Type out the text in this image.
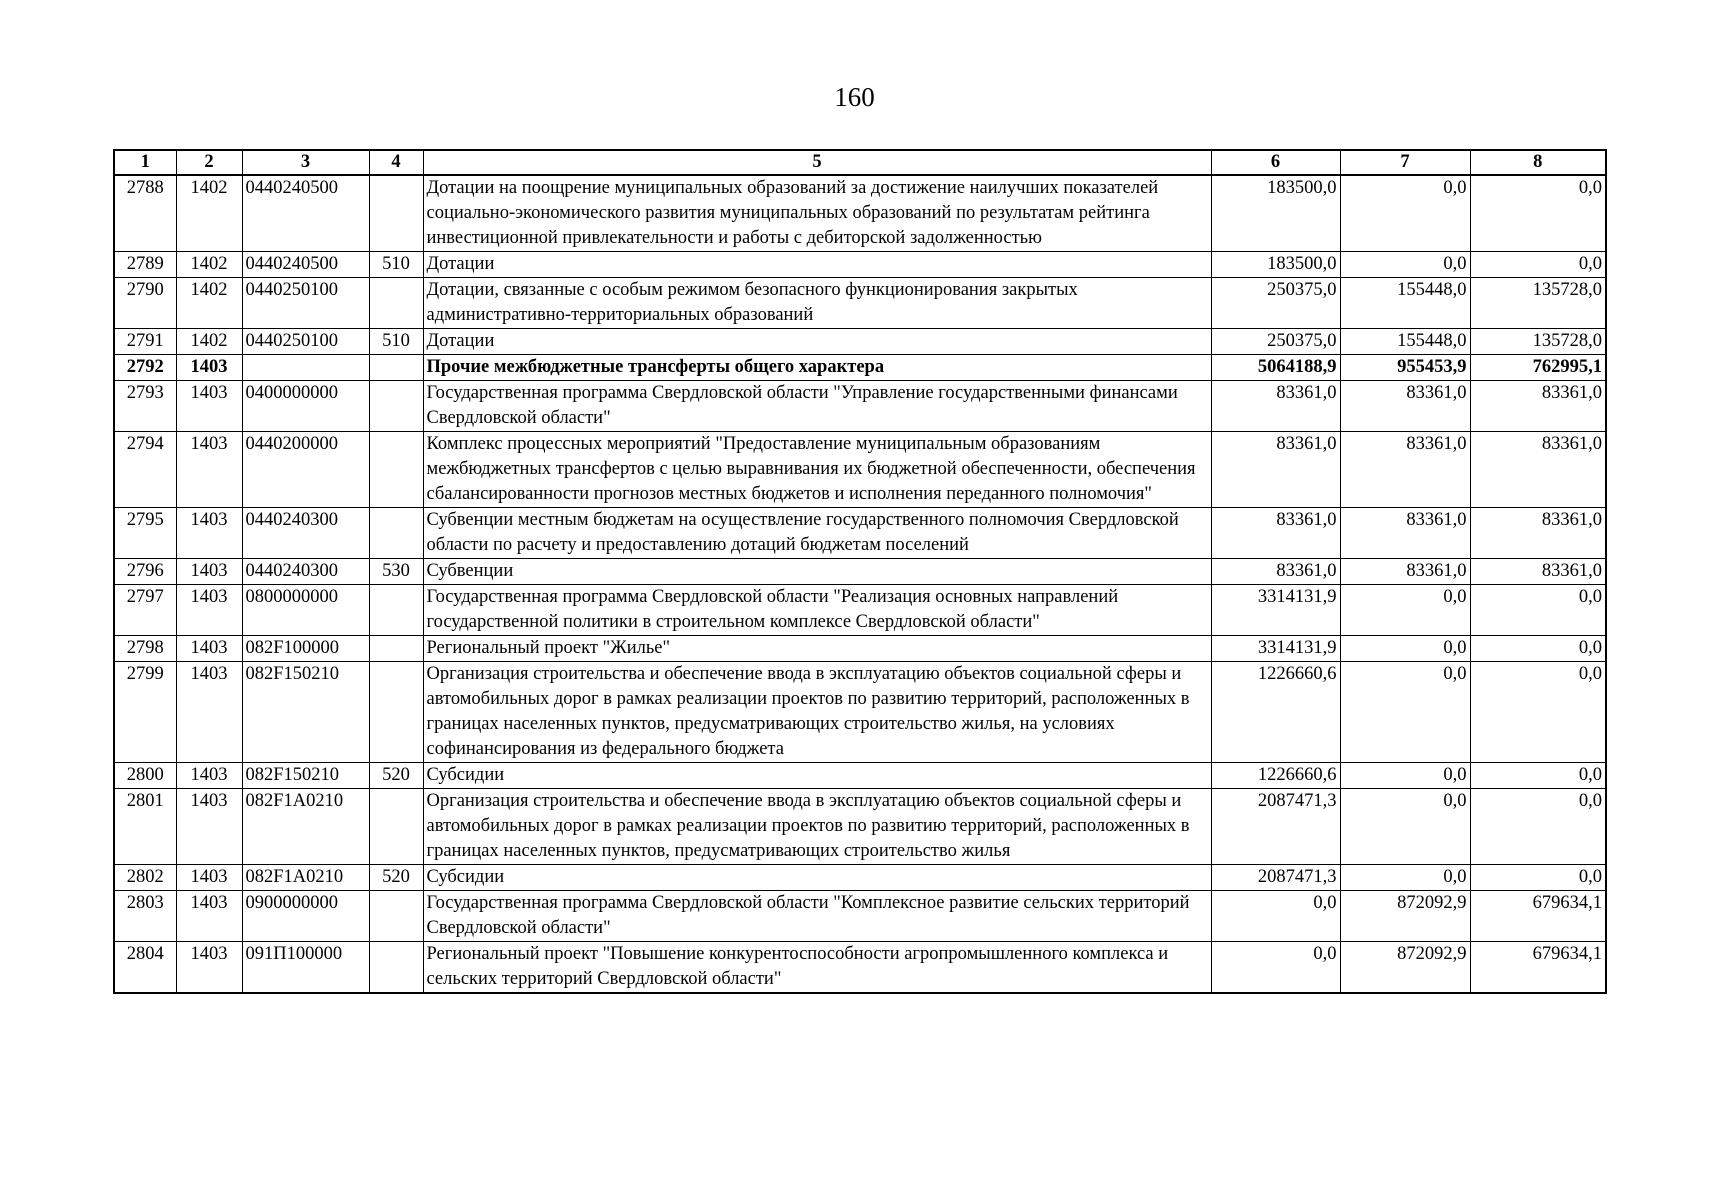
160
1	2	3	4	5	6	7	8
2788	1402	0440240500		Дотации на поощрение муниципальных образований за достижение наилучших показателей социально-экономического развития муниципальных образований по результатам рейтинга инвестиционной привлекательности и работы с дебиторской задолженностью	183500,0	0,0	0,0
2789	1402	0440240500	510	Дотации	183500,0	0,0	0,0
2790	1402	0440250100		Дотации, связанные с особым режимом безопасного функционирования закрытых административно-территориальных образований	250375,0	155448,0	135728,0
2791	1402	0440250100	510	Дотации	250375,0	155448,0	135728,0
2792	1403			Прочие межбюджетные трансферты общего характера	5064188,9	955453,9	762995,1
2793	1403	0400000000		Государственная программа Свердловской области "Управление государственными финансами Свердловской области"	83361,0	83361,0	83361,0
2794	1403	0440200000		Комплекс процессных мероприятий "Предоставление муниципальным образованиям межбюджетных трансфертов с целью выравнивания их бюджетной обеспеченности, обеспечения сбалансированности прогнозов местных бюджетов и исполнения переданного полномочия"	83361,0	83361,0	83361,0
2795	1403	0440240300		Субвенции местным бюджетам на осуществление государственного полномочия Свердловской области по расчету и предоставлению дотаций бюджетам поселений	83361,0	83361,0	83361,0
2796	1403	0440240300	530	Субвенции	83361,0	83361,0	83361,0
2797	1403	0800000000		Государственная программа Свердловской области "Реализация основных направлений государственной политики в строительном комплексе Свердловской области"	3314131,9	0,0	0,0
2798	1403	082F100000		Региональный проект "Жилье"	3314131,9	0,0	0,0
2799	1403	082F150210		Организация строительства и обеспечение ввода в эксплуатацию объектов социальной сферы и автомобильных дорог в рамках реализации проектов по развитию территорий, расположенных в границах населенных пунктов, предусматривающих строительство жилья, на условиях софинансирования из федерального бюджета	1226660,6	0,0	0,0
2800	1403	082F150210	520	Субсидии	1226660,6	0,0	0,0
2801	1403	082F1A0210		Организация строительства и обеспечение ввода в эксплуатацию объектов социальной сферы и автомобильных дорог в рамках реализации проектов по развитию территорий, расположенных в границах населенных пунктов, предусматривающих строительство жилья	2087471,3	0,0	0,0
2802	1403	082F1A0210	520	Субсидии	2087471,3	0,0	0,0
2803	1403	0900000000		Государственная программа Свердловской области "Комплексное развитие сельских территорий Свердловской области"	0,0	872092,9	679634,1
2804	1403	091П100000		Региональный проект "Повышение конкурентоспособности агропромышленного комплекса и сельских территорий Свердловской области"	0,0	872092,9	679634,1
